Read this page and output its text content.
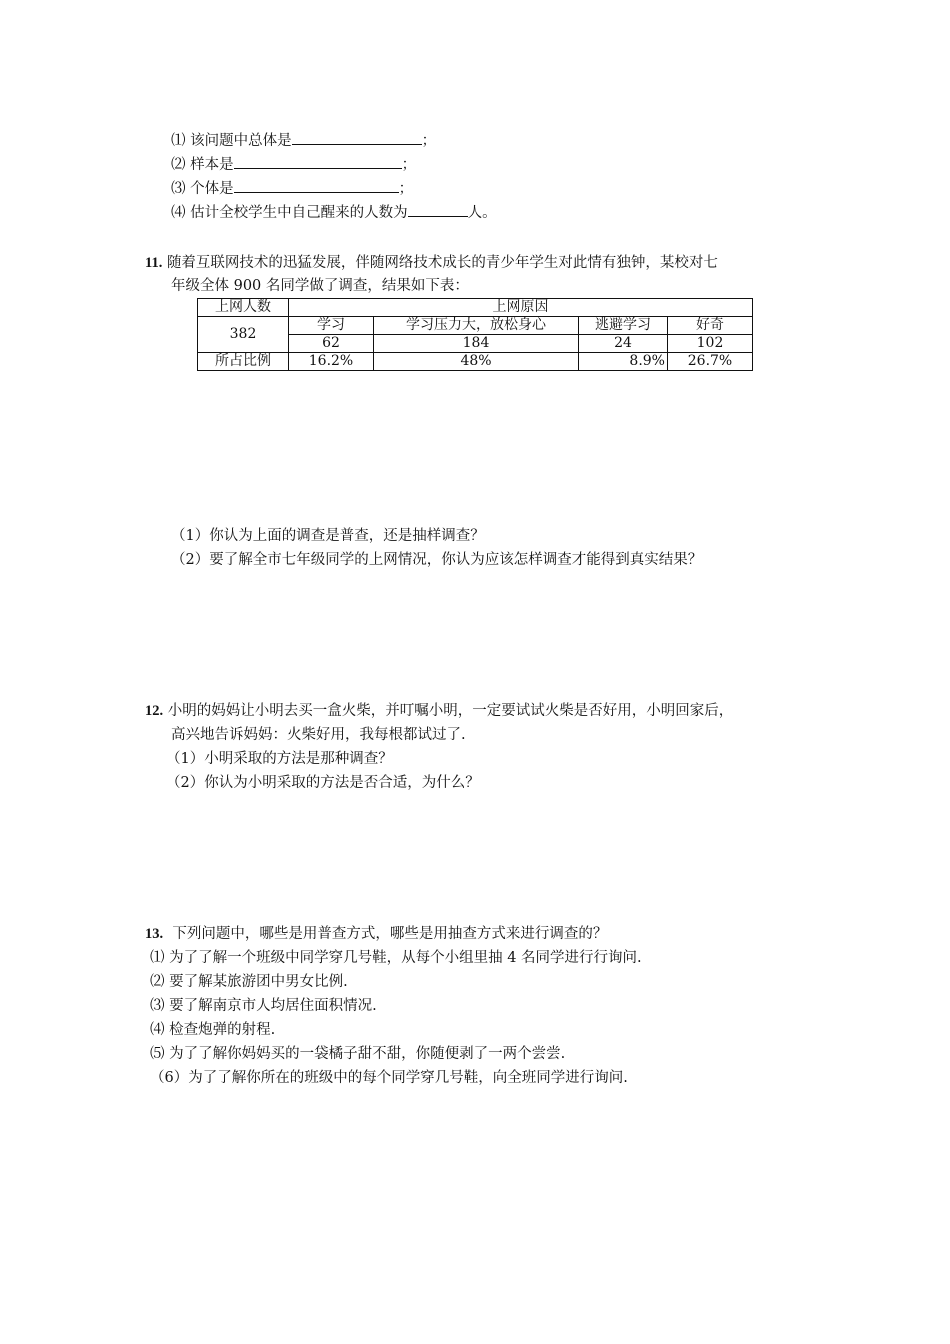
⑴ 该问题中总体是	；
⑵ 样本是	；
⑶ 个体是	；
⑷ 估计全校学生中自己醒来的人数为	人。
11. 随着互联网技术的迅猛发展，伴随网络技术成长的青少年学生对此情有独钟，某校对七
年级全体 900 名同学做了调查，结果如下表：
上网人数	上网原因			
382	学习	学习压力大，放松身心	逃避学习	好奇
	62	184	24	102
所占比例	16.2%	48%	8.9%	26.7%
（1）你认为上面的调查是普查，还是抽样调查？
（2）要了解全市七年级同学的上网情况，你认为应该怎样调查才能得到真实结果？
12. 小明的妈妈让小明去买一盒火柴，并叮嘱小明，一定要试试火柴是否好用，小明回家后，
高兴地告诉妈妈：火柴好用，我每根都试过了.
（1）小明采取的方法是那种调查？
（2）你认为小明采取的方法是否合适，为什么？
13. 下列问题中，哪些是用普查方式，哪些是用抽查方式来进行调查的？
⑴ 为了了解一个班级中同学穿几号鞋，从每个小组里抽 4 名同学进行行询问.
⑵ 要了解某旅游团中男女比例.
⑶ 要了解南京市人均居住面积情况.
⑷ 检查炮弹的射程.
⑸ 为了了解你妈妈买的一袋橘子甜不甜，你随便剥了一两个尝尝.
（6）为了了解你所在的班级中的每个同学穿几号鞋，向全班同学进行询问.
